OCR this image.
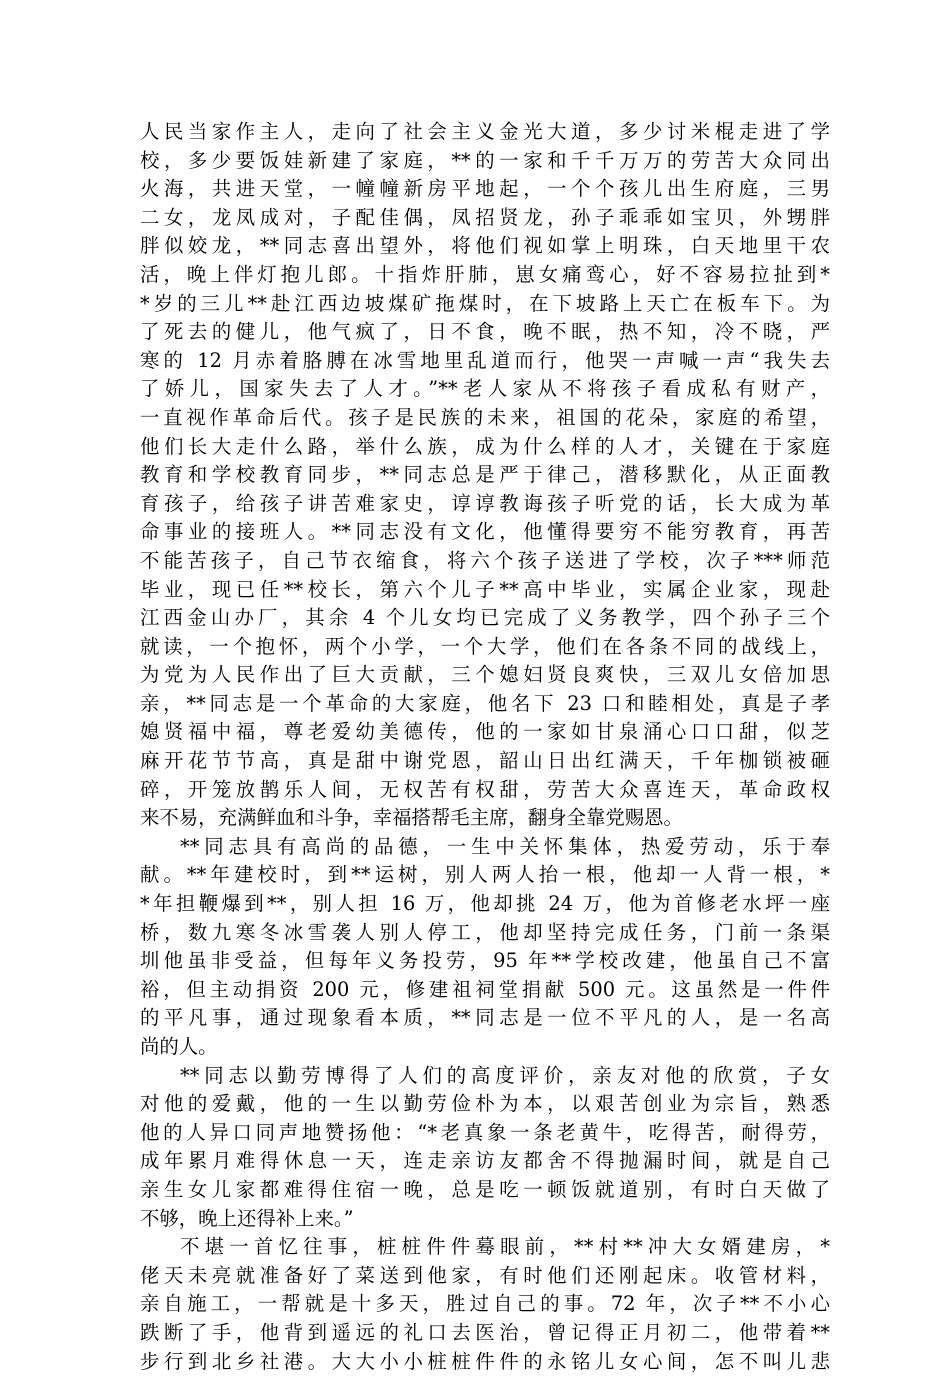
人民当家作主人，走向了社会主义金光大道，多少讨米棍走进了学
校，多少要饭娃新建了家庭，**的一家和千千万万的劳苦大众同出
火海，共进天堂，一幢幢新房平地起，一个个孩儿出生府庭，三男
二女，龙凤成对，子配佳偶，凤招贤龙，孙子乖乖如宝贝，外甥胖
胖似姣龙，**同志喜出望外，将他们视如掌上明珠，白天地里干农
活，晚上伴灯抱儿郎。十指炸肝肺，崽女痛鸾心，好不容易拉扯到*
*岁的三儿**赴江西边坡煤矿拖煤时，在下坡路上天亡在板车下。为
了死去的健儿，他气疯了，日不食，晚不眠，热不知，冷不晓，严
寒的 12 月赤着胳膊在冰雪地里乱道而行，他哭一声喊一声“我失去
了娇儿，国家失去了人才。”**老人家从不将孩子看成私有财产，
一直视作革命后代。孩子是民族的未来，祖国的花朵，家庭的希望，
他们长大走什么路，举什么族，成为什么样的人才，关键在于家庭
教育和学校教育同步，**同志总是严于律己，潜移默化，从正面教
育孩子，给孩子讲苦难家史，谆谆教诲孩子听党的话，长大成为革
命事业的接班人。**同志没有文化，他懂得要穷不能穷教育，再苦
不能苦孩子，自己节衣缩食，将六个孩子送进了学校，次子***师范
毕业，现已任**校长，第六个儿子**高中毕业，实属企业家，现赴
江西金山办厂，其余 4 个儿女均已完成了义务教学，四个孙子三个
就读，一个抱怀，两个小学，一个大学，他们在各条不同的战线上，
为党为人民作出了巨大贡献，三个媳妇贤良爽快，三双儿女倍加思
亲，**同志是一个革命的大家庭，他名下 23 口和睦相处，真是子孝
媳贤福中福，尊老爱幼美德传，他的一家如甘泉涌心口口甜，似芝
麻开花节节高，真是甜中谢党恩，韶山日出红满天，千年枷锁被砸
碎，开笼放鹊乐人间，无权苦有权甜，劳苦大众喜连天，革命政权
来不易，充满鲜血和斗争，幸福搭帮毛主席，翻身全靠党赐恩。
**同志具有高尚的品德，一生中关怀集体，热爱劳动，乐于奉
献。**年建校时，到**运树，别人两人抬一根，他却一人背一根，*
*年担鞭爆到**，别人担 16 万，他却挑 24 万，他为首修老水坪一座
桥，数九寒冬冰雪袭人别人停工，他却坚持完成任务，门前一条渠
圳他虽非受益，但每年义务投劳，95 年**学校改建，他虽自己不富
裕，但主动捐资 200 元，修建祖祠堂捐献 500 元。这虽然是一件件
的平凡事，通过现象看本质，**同志是一位不平凡的人，是一名高
尚的人。
**同志以勤劳博得了人们的高度评价，亲友对他的欣赏，子女
对他的爱戴，他的一生以勤劳俭朴为本，以艰苦创业为宗旨，熟悉
他的人异口同声地赞扬他：“*老真象一条老黄牛，吃得苦，耐得劳，
成年累月难得休息一天，连走亲访友都舍不得抛漏时间，就是自己
亲生女儿家都难得住宿一晚，总是吃一顿饭就道别，有时白天做了
不够，晚上还得补上来。”
不堪一首忆往事，桩桩件件蓦眼前，**村**冲大女婿建房，*
佬天未亮就准备好了菜送到他家，有时他们还刚起床。收管材料，
亲自施工，一帮就是十多天，胜过自己的事。72 年，次子**不小心
跌断了手，他背到遥远的礼口去医治，曾记得正月初二，他带着**
步行到北乡社港。大大小小桩桩件件的永铭儿女心间，怎不叫儿悲
